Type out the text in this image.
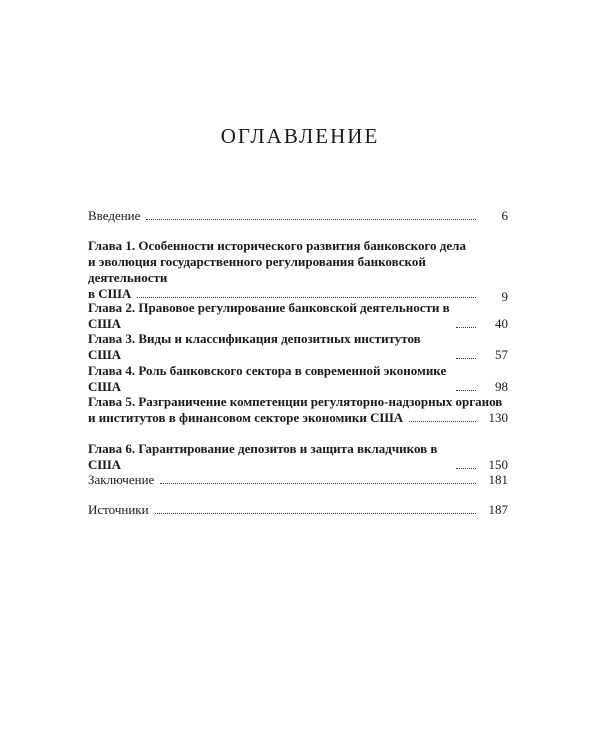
ОГЛАВЛЕНИЕ
Введение	6
Глава 1. Особенности исторического развития банковского дела
и эволюция государственного регулирования банковской деятельности
в США	9
Глава 2. Правовое регулирование банковской деятельности в США	40
Глава 3. Виды и классификация депозитных институтов США	57
Глава 4. Роль банковского сектора в современной экономике США	98
Глава 5. Разграничение компетенции регуляторно-надзорных органов
и институтов в финансовом секторе экономики США	130
Глава 6. Гарантирование депозитов и защита вкладчиков в США	150
Заключение	181
Источники	187
